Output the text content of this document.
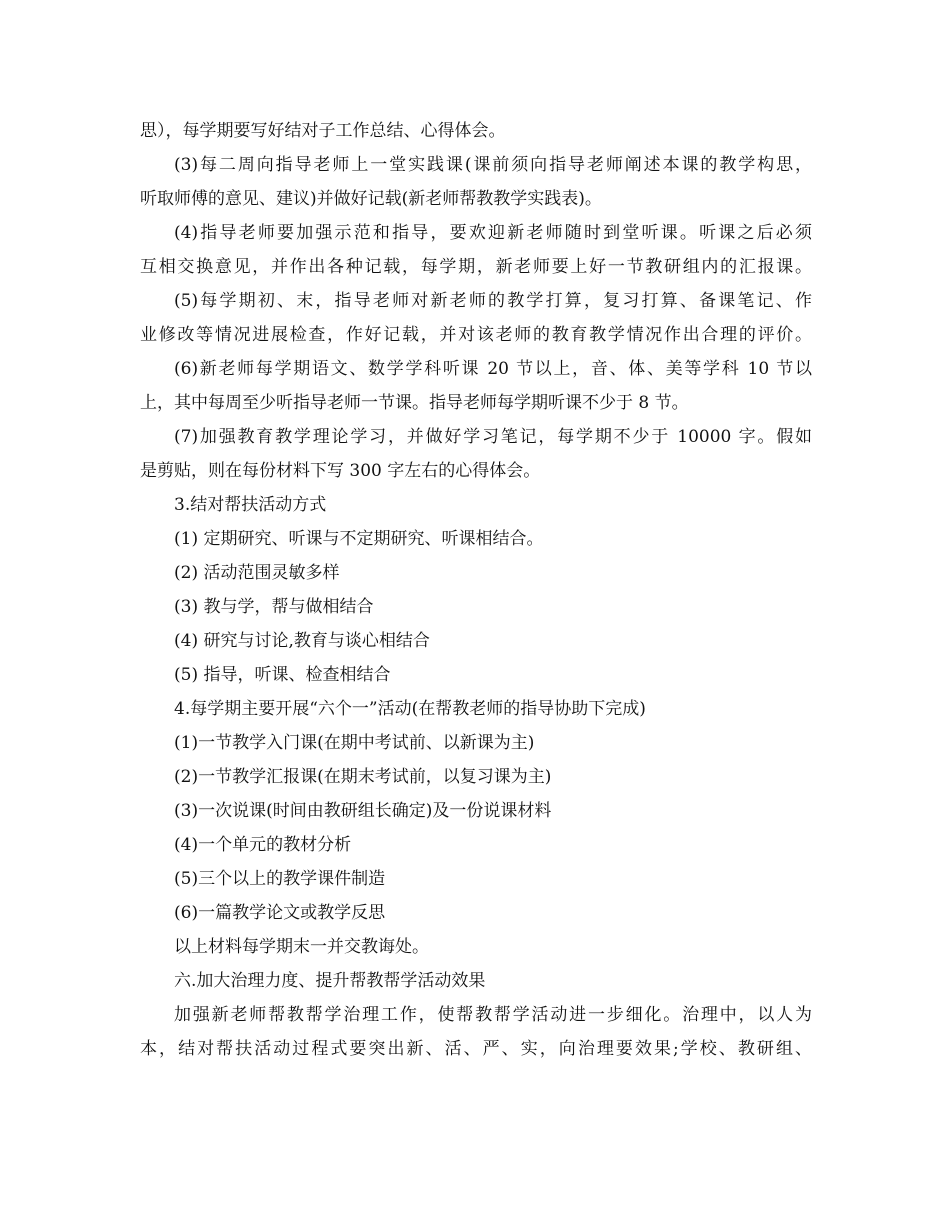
思），每学期要写好结对子工作总结、心得体会。
(3)每二周向指导老师上一堂实践课(课前须向指导老师阐述本课的教学构思，
听取师傅的意见、建议)并做好记载(新老师帮教教学实践表)。
(4)指导老师要加强示范和指导，要欢迎新老师随时到堂听课。听课之后必须
互相交换意见，并作出各种记载，每学期，新老师要上好一节教研组内的汇报课。
(5)每学期初、末，指导老师对新老师的教学打算，复习打算、备课笔记、作
业修改等情况进展检查，作好记载，并对该老师的教育教学情况作出合理的评价。
(6)新老师每学期语文、数学学科听课 20 节以上，音、体、美等学科 10 节以
上，其中每周至少听指导老师一节课。指导老师每学期听课不少于 8 节。
(7)加强教育教学理论学习，并做好学习笔记，每学期不少于 10000 字。假如
是剪贴，则在每份材料下写 300 字左右的心得体会。
3.结对帮扶活动方式
(1) 定期研究、听课与不定期研究、听课相结合。
(2) 活动范围灵敏多样
(3) 教与学，帮与做相结合
(4) 研究与讨论,教育与谈心相结合
(5) 指导，听课、检查相结合
4.每学期主要开展“六个一”活动(在帮教老师的指导协助下完成)
(1)一节教学入门课(在期中考试前、以新课为主)
(2)一节教学汇报课(在期末考试前，以复习课为主)
(3)一次说课(时间由教研组长确定)及一份说课材料
(4)一个单元的教材分析
(5)三个以上的教学课件制造
(6)一篇教学论文或教学反思
以上材料每学期末一并交教诲处。
六.加大治理力度、提升帮教帮学活动效果
加强新老师帮教帮学治理工作，使帮教帮学活动进一步细化。治理中，以人为
本，结对帮扶活动过程式要突出新、活、严、实，向治理要效果;学校、教研组、
